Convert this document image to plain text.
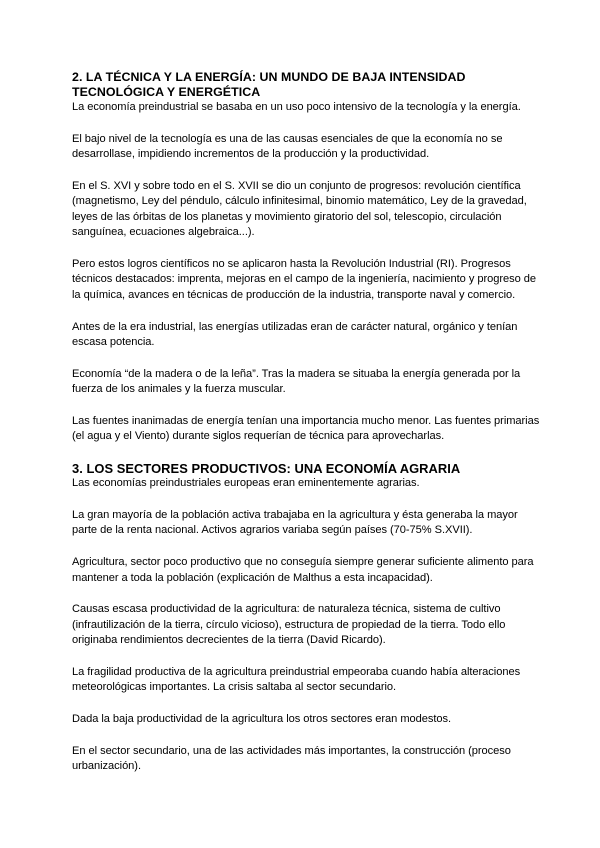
2. LA TÉCNICA Y LA ENERGÍA: UN MUNDO DE BAJA INTENSIDAD TECNOLÓGICA Y ENERGÉTICA

La economía preindustrial se basaba en un uso poco intensivo de la tecnología y la energía.

El bajo nivel de la tecnología es una de las causas esenciales de que la economía no se desarrollase, impidiendo incrementos de la producción y la productividad.

En el S. XVI y sobre todo en el S. XVII se dio un conjunto de progresos: revolución científica (magnetismo, Ley del péndulo, cálculo infinitesimal, binomio matemático, Ley de la gravedad, leyes de las órbitas de los planetas y movimiento giratorio del sol, telescopio, circulación sanguínea, ecuaciones algebraica...).

Pero estos logros científicos no se aplicaron hasta la Revolución Industrial (RI). Progresos técnicos destacados: imprenta, mejoras en el campo de la ingeniería, nacimiento y progreso de la química, avances en técnicas de producción de la industria, transporte naval y comercio.

Antes de la era industrial, las energías utilizadas eran de carácter natural, orgánico y tenían escasa potencia.

Economía “de la madera o de la leña”. Tras la madera se situaba la energía generada por la fuerza de los animales y la fuerza muscular.

Las fuentes inanimadas de energía tenían una importancia mucho menor. Las fuentes primarias (el agua y el Viento) durante siglos requerían de técnica para aprovecharlas.

3. LOS SECTORES PRODUCTIVOS: UNA ECONOMÍA AGRARIA

Las economías preindustriales europeas eran eminentemente agrarias.

La gran mayoría de la población activa trabajaba en la agricultura y ésta generaba la mayor parte de la renta nacional. Activos agrarios variaba según países (70-75% S.XVII).

Agricultura, sector poco productivo que no conseguía siempre generar suficiente alimento para mantener a toda la población (explicación de Malthus a esta incapacidad).

Causas escasa productividad de la agricultura: de naturaleza técnica, sistema de cultivo (infrautilización de la tierra, círculo vicioso), estructura de propiedad de la tierra. Todo ello originaba rendimientos decrecientes de la tierra (David Ricardo).

La fragilidad productiva de la agricultura preindustrial empeoraba cuando había alteraciones meteorológicas importantes. La crisis saltaba al sector secundario.

Dada la baja productividad de la agricultura los otros sectores eran modestos.

En el sector secundario, una de las actividades más importantes, la construcción (proceso urbanización).
